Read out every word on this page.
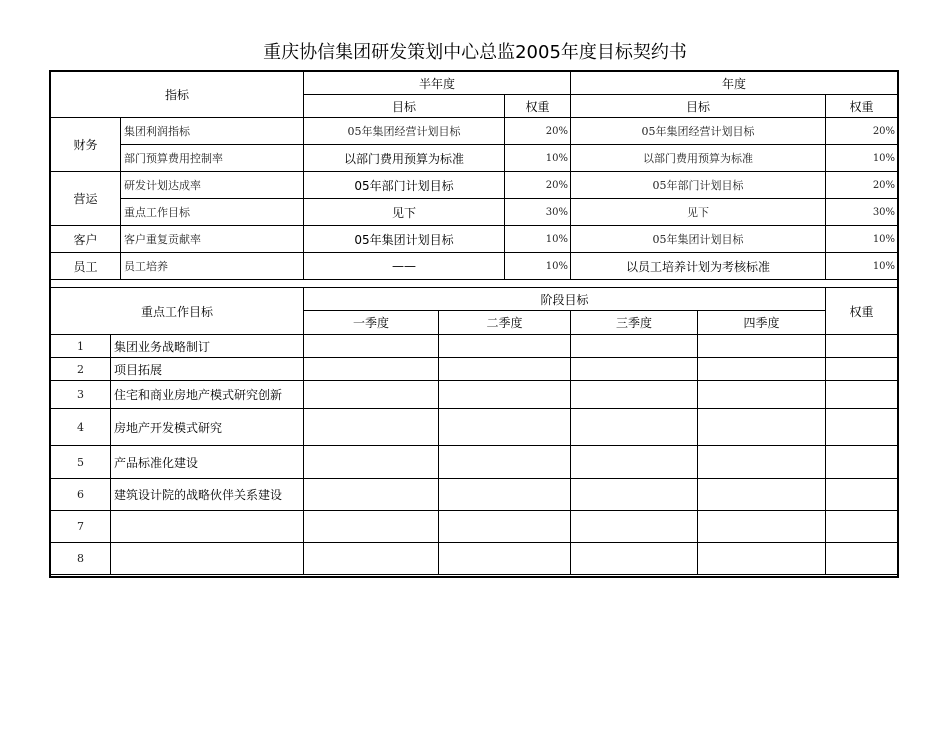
重庆协信集团研发策划中心总监2005年度目标契约书
指标		半年度		年度	
		目标	权重	目标	权重
财务	集团利润指标	05年集团经营计划目标	20%	05年集团经营计划目标	20%
	部门预算费用控制率	以部门费用预算为标准	10%	以部门费用预算为标准	10%
营运	研发计划达成率	05年部门计划目标	20%	05年部门计划目标	20%
	重点工作目标	见下	30%	见下	30%
客户	客户重复贡献率	05年集团计划目标	10%	05年集团计划目标	10%
员工	员工培养	——	10%	以员工培养计划为考核标准	10%
重点工作目标		阶段目标				权重
		一季度	二季度	三季度	四季度	
1	集团业务战略制订					
2	项目拓展					
3	住宅和商业房地产模式研究创新					
4	房地产开发模式研究					
5	产品标准化建设					
6	建筑设计院的战略伙伴关系建设					
7						
8						
